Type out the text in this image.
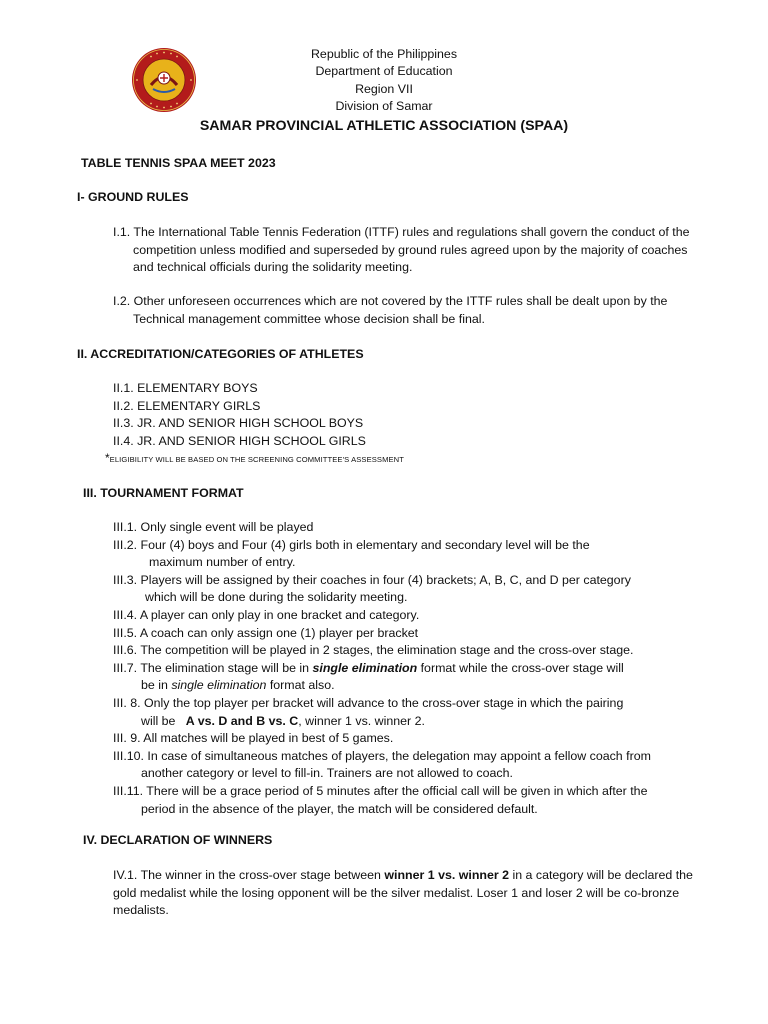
Republic of the Philippines
Department of Education
Region VII
Division of Samar
SAMAR PROVINCIAL ATHLETIC ASSOCIATION (SPAA)
TABLE TENNIS SPAA MEET 2023
I- GROUND RULES
I.1. The International Table Tennis Federation (ITTF) rules and regulations shall govern the conduct of the
competition unless modified and superseded by ground rules agreed upon by the majority of coaches
and technical officials during the solidarity meeting.
I.2. Other unforeseen occurrences which are not covered by the ITTF rules shall be dealt upon by the
Technical management committee whose decision shall be final.
II. ACCREDITATION/CATEGORIES OF ATHLETES
II.1. ELEMENTARY BOYS
II.2. ELEMENTARY GIRLS
II.3. JR. AND SENIOR HIGH SCHOOL BOYS
II.4. JR. AND SENIOR HIGH SCHOOL GIRLS
*ELIGIBILITY WILL BE BASED ON THE SCREENING COMMITTEE'S ASSESSMENT
III. TOURNAMENT FORMAT
III.1. Only single event will be played
III.2. Four (4) boys and Four (4) girls both in elementary and secondary level will be the
maximum number of entry.
III.3. Players will be assigned by their coaches in four (4) brackets; A, B, C, and D per category
which will be done during the solidarity meeting.
III.4. A player can only play in one bracket and category.
III.5. A coach can only assign one (1) player per bracket
III.6. The competition will be played in 2 stages, the elimination stage and the cross-over stage.
III.7. The elimination stage will be in single elimination format while the cross-over stage will
be in single elimination format also.
III. 8. Only the top player per bracket will advance to the cross-over stage in which the pairing
will be A vs. D and B vs. C, winner 1 vs. winner 2.
III. 9. All matches will be played in best of 5 games.
III.10. In case of simultaneous matches of players, the delegation may appoint a fellow coach from
another category or level to fill-in. Trainers are not allowed to coach.
III.11. There will be a grace period of 5 minutes after the official call will be given in which after the
period in the absence of the player, the match will be considered default.
IV. DECLARATION OF WINNERS
IV.1. The winner in the cross-over stage between winner 1 vs. winner 2 in a category will be declared the
gold medalist while the losing opponent will be the silver medalist. Loser 1 and loser 2 will be co-bronze
medalists.
